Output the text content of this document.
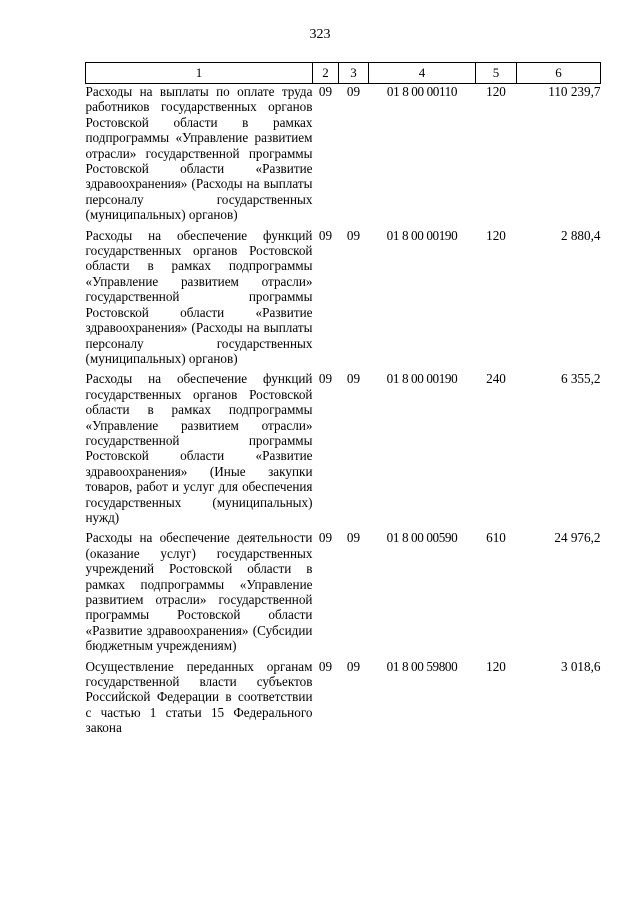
323
1	2	3	4	5	6
Расходы на выплаты по оплате труда работников государственных органов Ростовской области в рамках подпрограммы «Управление развитием отрасли» государственной программы Ростовской области «Развитие здравоохранения» (Расходы на выплаты персоналу государственных (муниципальных) органов)	09	09	01 8 00 00110	120	110 239,7
Расходы на обеспечение функций государственных органов Ростовской области в рамках подпрограммы «Управление развитием отрасли» государственной программы Ростовской области «Развитие здравоохранения» (Расходы на выплаты персоналу государственных (муниципальных) органов)	09	09	01 8 00 00190	120	2 880,4
Расходы на обеспечение функций государственных органов Ростовской области в рамках подпрограммы «Управление развитием отрасли» государственной программы Ростовской области «Развитие здравоохранения» (Иные закупки товаров, работ и услуг для обеспечения государственных (муниципальных) нужд)	09	09	01 8 00 00190	240	6 355,2
Расходы на обеспечение деятельности (оказание услуг) государственных учреждений Ростовской области в рамках подпрограммы «Управление развитием отрасли» государственной программы Ростовской области «Развитие здравоохранения» (Субсидии бюджетным учреждениям)	09	09	01 8 00 00590	610	24 976,2
Осуществление переданных органам государственной власти субъектов Российской Федерации в соответствии с частью 1 статьи 15 Федерального закона	09	09	01 8 00 59800	120	3 018,6
